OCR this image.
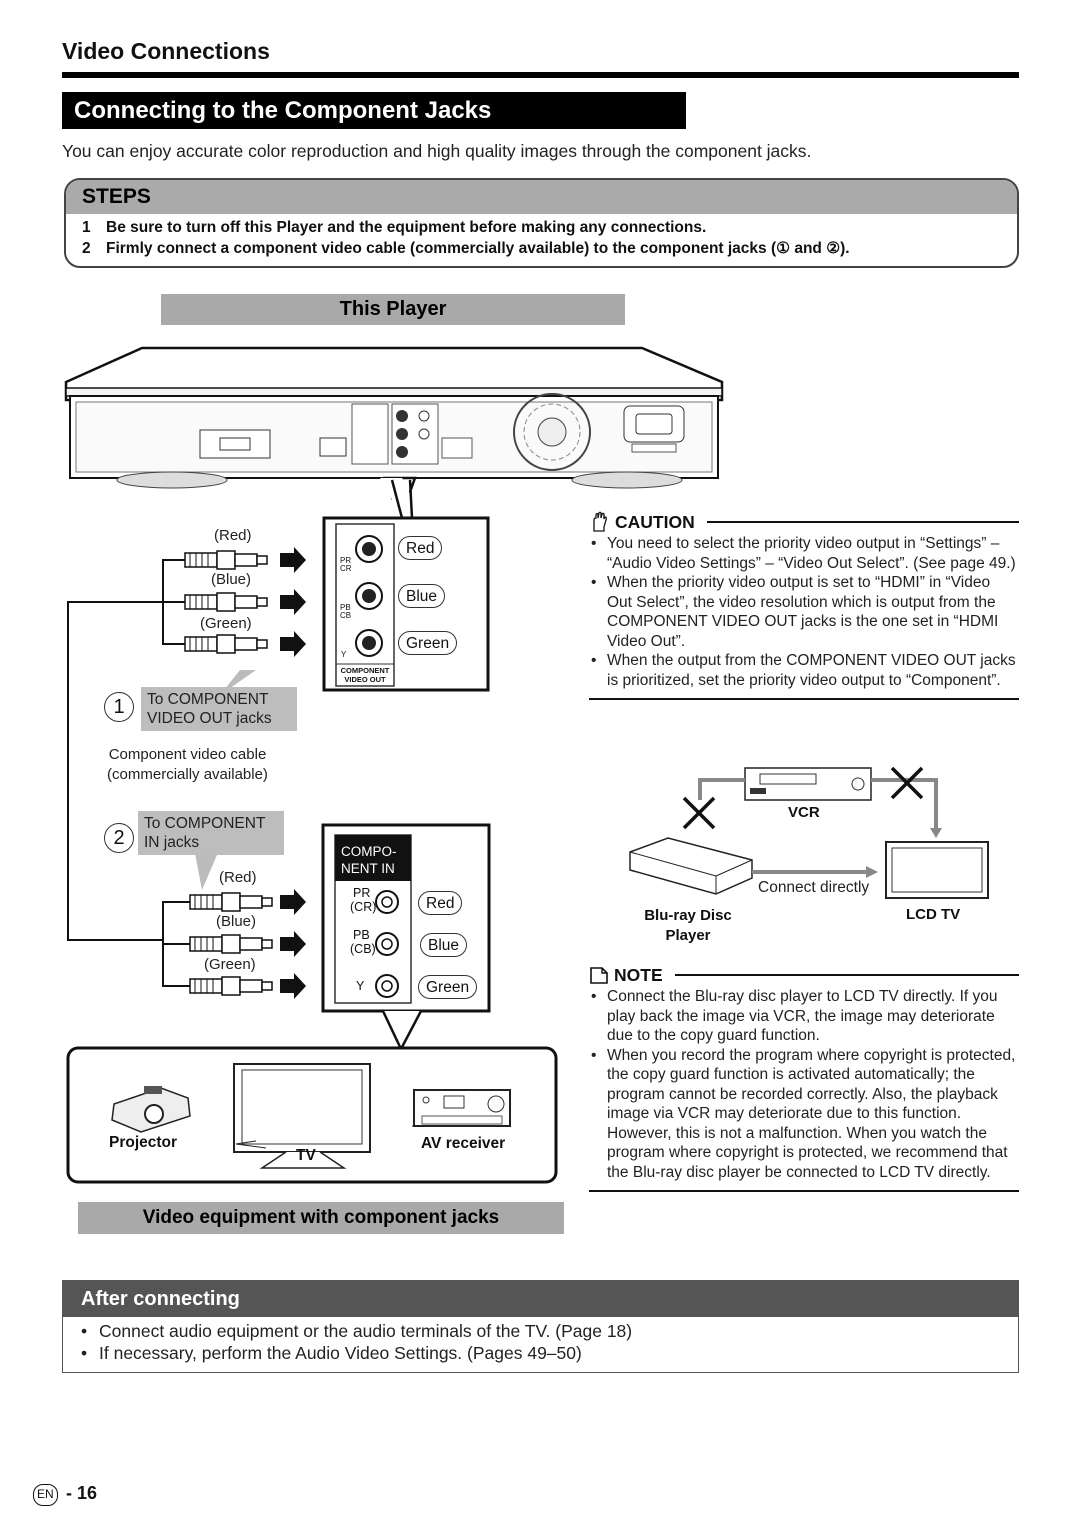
Video Connections
Connecting to the Component Jacks
You can enjoy accurate color reproduction and high quality images through the component jacks.
STEPS
1 Be sure to turn off this Player and the equipment before making any connections.
2 Firmly connect a component video cable (commercially available) to the component jacks (① and ②).
This Player
PR
CR
PB
CB
Y
COMPONENT VIDEO OUT
Red
Blue
Green
(Red)
(Blue)
(Green)
1	To COMPONENT VIDEO OUT jacks
Component video cable (commercially available)
2
To COMPONENT IN jacks
(Red)
(Blue)
(Green)
COMPO- NENT IN
PR
(CR)
PB
(CB)
Y
Red
Blue
Green
Projector
TV
AV receiver
Video equipment with component jacks
CAUTION
• You need to select the priority video output in “Settings” – “Audio Video Settings” – “Video Out Select”. (See page 49.)
• When the priority video output is set to “HDMI” in “Video Out Select”, the video resolution which is output from the COMPONENT VIDEO OUT jacks is the one set in “HDMI Video Out”.
• When the output from the COMPONENT VIDEO OUT jacks is prioritized, set the priority video output to “Component”.
VCR
Connect directly
Blu-ray Disc Player
LCD TV
NOTE
• Connect the Blu-ray disc player to LCD TV directly. If you play back the image via VCR, the image may deteriorate due to the copy guard function.
• When you record the program where copyright is protected, the copy guard function is activated automatically; the program cannot be recorded correctly. Also, the playback image via VCR may deteriorate due to this function. However, this is not a malfunction. When you watch the program where copyright is protected, we recommend that the Blu-ray disc player be connected to LCD TV directly.
After connecting
• Connect audio equipment or the audio terminals of the TV. (Page 18)
• If necessary, perform the Audio Video Settings. (Pages 49–50)
EN - 16
